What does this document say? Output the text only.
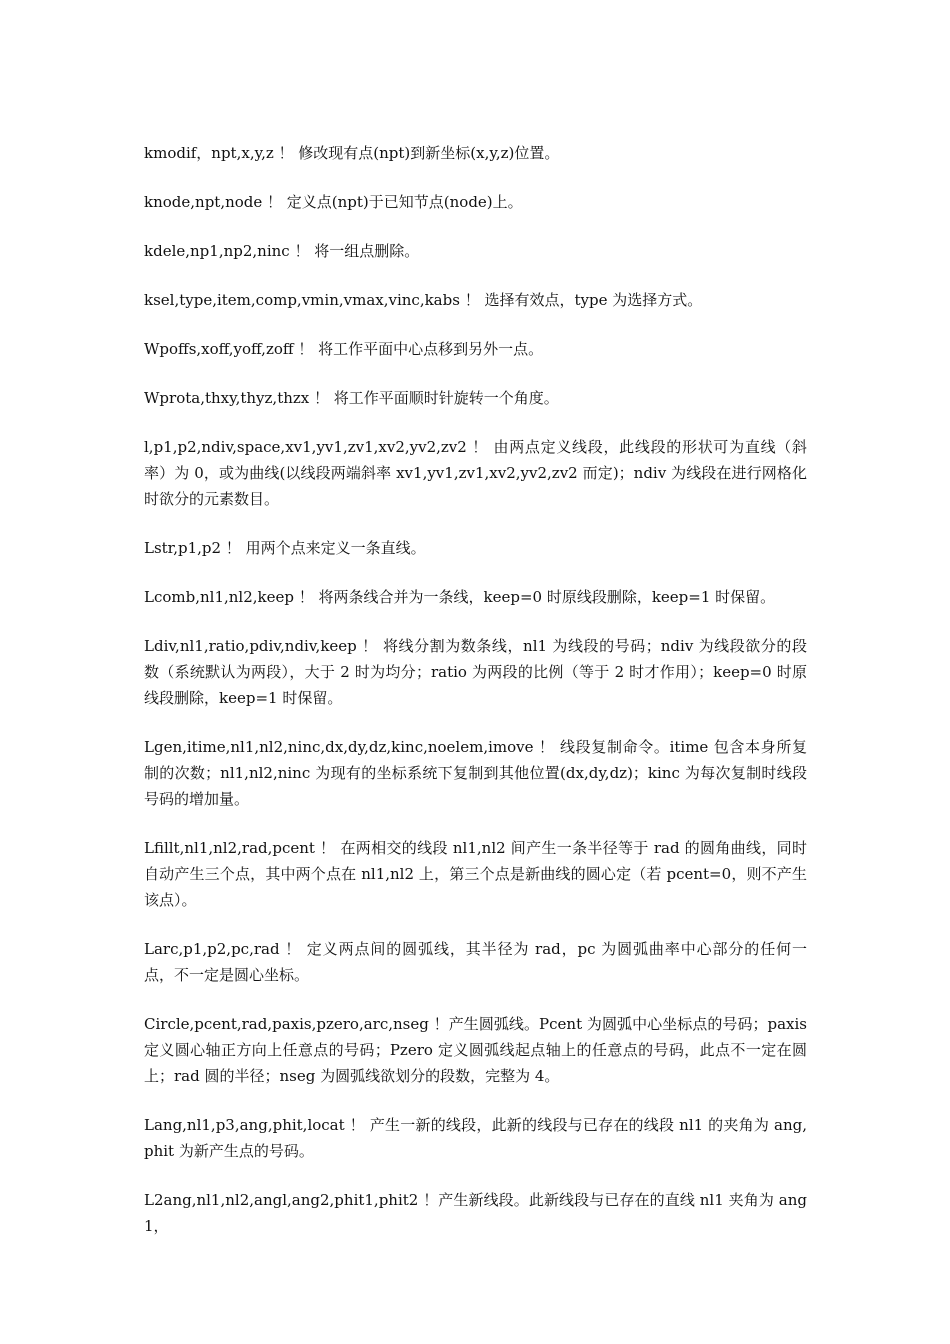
kmodif，npt,x,y,z ！ 修改现有点(npt)到新坐标(x,y,z)位置。

knode,npt,node ！ 定义点(npt)于已知节点(node)上。

kdele,np1,np2,ninc ！ 将一组点删除。

ksel,type,item,comp,vmin,vmax,vinc,kabs ！ 选择有效点，type 为选择方式。

Wpoffs,xoff,yoff,zoff ！ 将工作平面中心点移到另外一点。

Wprota,thxy,thyz,thzx ！ 将工作平面顺时针旋转一个角度。

l,p1,p2,ndiv,space,xv1,yv1,zv1,xv2,yv2,zv2 ！ 由两点定义线段，此线段的形状可为直线（斜率）为 0，或为曲线(以线段两端斜率 xv1,yv1,zv1,xv2,yv2,zv2 而定)；ndiv 为线段在进行网格化时欲分的元素数目。

Lstr,p1,p2 ！ 用两个点来定义一条直线。

Lcomb,nl1,nl2,keep ！ 将两条线合并为一条线，keep=0 时原线段删除，keep=1 时保留。

Ldiv,nl1,ratio,pdiv,ndiv,keep ！ 将线分割为数条线，nl1 为线段的号码；ndiv 为线段欲分的段数（系统默认为两段），大于 2 时为均分；ratio 为两段的比例（等于 2 时才作用）；keep=0 时原线段删除，keep=1 时保留。

Lgen,itime,nl1,nl2,ninc,dx,dy,dz,kinc,noelem,imove ！ 线段复制命令。itime 包含本身所复制的次数；nl1,nl2,ninc 为现有的坐标系统下复制到其他位置(dx,dy,dz)；kinc 为每次复制时线段号码的增加量。

Lfillt,nl1,nl2,rad,pcent ！ 在两相交的线段 nl1,nl2 间产生一条半径等于 rad 的圆角曲线，同时自动产生三个点，其中两个点在 nl1,nl2 上，第三个点是新曲线的圆心定（若 pcent=0，则不产生该点）。

Larc,p1,p2,pc,rad ！ 定义两点间的圆弧线，其半径为 rad，pc 为圆弧曲率中心部分的任何一点，不一定是圆心坐标。

Circle,pcent,rad,paxis,pzero,arc,nseg ！产生圆弧线。Pcent 为圆弧中心坐标点的号码；paxis 定义圆心轴正方向上任意点的号码；Pzero 定义圆弧线起点轴上的任意点的号码，此点不一定在圆上；rad 圆的半径；nseg 为圆弧线欲划分的段数，完整为 4。

Lang,nl1,p3,ang,phit,locat ！ 产生一新的线段，此新的线段与已存在的线段 nl1 的夹角为 ang,phit 为新产生点的号码。

L2ang,nl1,nl2,angl,ang2,phit1,phit2 ！产生新线段。此新线段与已存在的直线 nl1 夹角为 ang1，
